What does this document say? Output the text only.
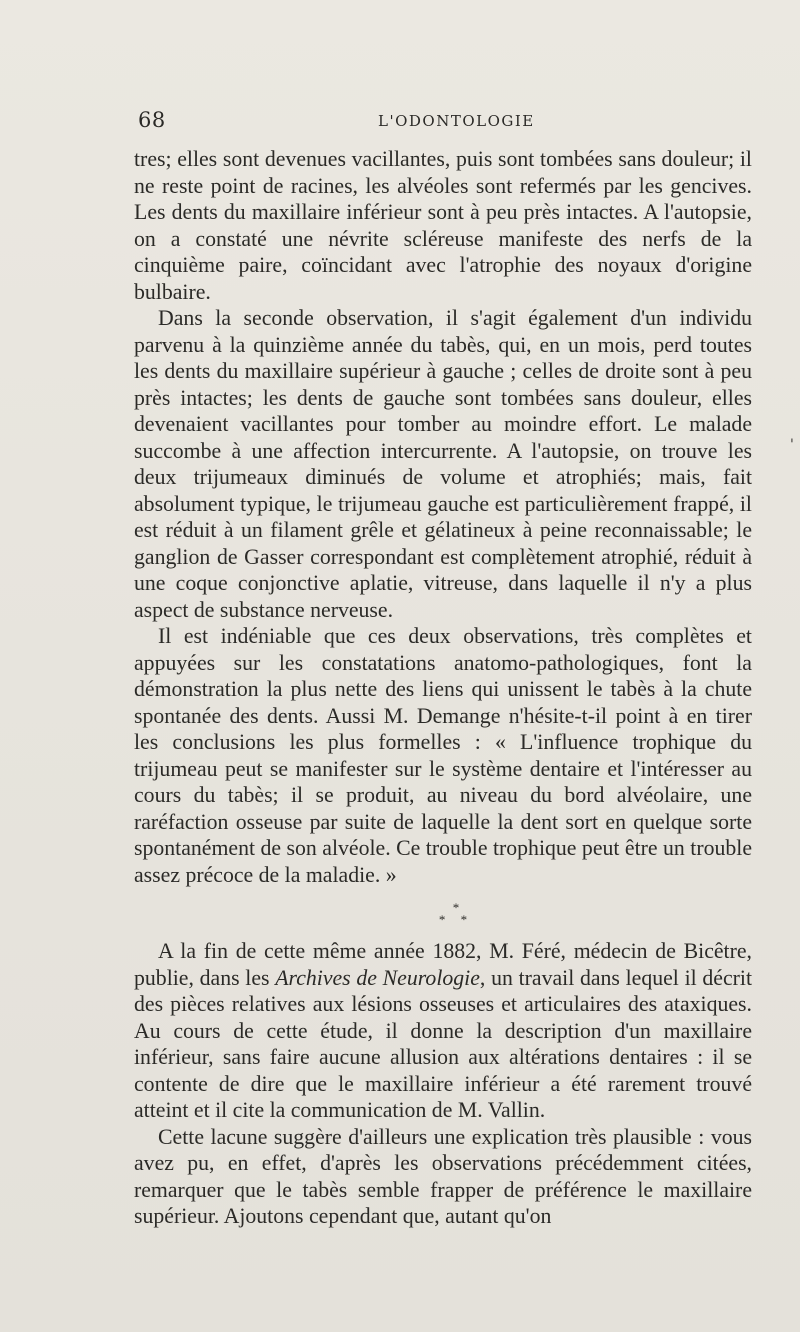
68	L'ODONTOLOGIE

tres; elles sont devenues vacillantes, puis sont tombées sans douleur; il ne reste point de racines, les alvéoles sont refermés par les gencives. Les dents du maxillaire inférieur sont à peu près intactes. A l'autopsie, on a constaté une névrite scléreuse manifeste des nerfs de la cinquième paire, coïncidant avec l'atrophie des noyaux d'origine bulbaire.

Dans la seconde observation, il s'agit également d'un individu parvenu à la quinzième année du tabès, qui, en un mois, perd toutes les dents du maxillaire supérieur à gauche ; celles de droite sont à peu près intactes; les dents de gauche sont tombées sans douleur, elles devenaient vacillantes pour tomber au moindre effort. Le malade succombe à une affection intercurrente. A l'autopsie, on trouve les deux trijumeaux diminués de volume et atrophiés; mais, fait absolument typique, le trijumeau gauche est particulièrement frappé, il est réduit à un filament grêle et gélatineux à peine reconnaissable; le ganglion de Gasser correspondant est complètement atrophié, réduit à une coque conjonctive aplatie, vitreuse, dans laquelle il n'y a plus aspect de substance nerveuse.

Il est indéniable que ces deux observations, très complètes et appuyées sur les constatations anatomo-pathologiques, font la démonstration la plus nette des liens qui unissent le tabès à la chute spontanée des dents. Aussi M. Demange n'hésite-t-il point à en tirer les conclusions les plus formelles : « L'influence trophique du trijumeau peut se manifester sur le système dentaire et l'intéresser au cours du tabès; il se produit, au niveau du bord alvéolaire, une raréfaction osseuse par suite de laquelle la dent sort en quelque sorte spontanément de son alvéole. Ce trouble trophique peut être un trouble assez précoce de la maladie. »

*
* *

A la fin de cette même année 1882, M. Féré, médecin de Bicêtre, publie, dans les Archives de Neurologie, un travail dans lequel il décrit des pièces relatives aux lésions osseuses et articulaires des ataxiques. Au cours de cette étude, il donne la description d'un maxillaire inférieur, sans faire aucune allusion aux altérations dentaires : il se contente de dire que le maxillaire inférieur a été rarement trouvé atteint et il cite la communication de M. Vallin.

Cette lacune suggère d'ailleurs une explication très plausible : vous avez pu, en effet, d'après les observations précédemment citées, remarquer que le tabès semble frapper de préférence le maxillaire supérieur. Ajoutons cependant que, autant qu'on

'
